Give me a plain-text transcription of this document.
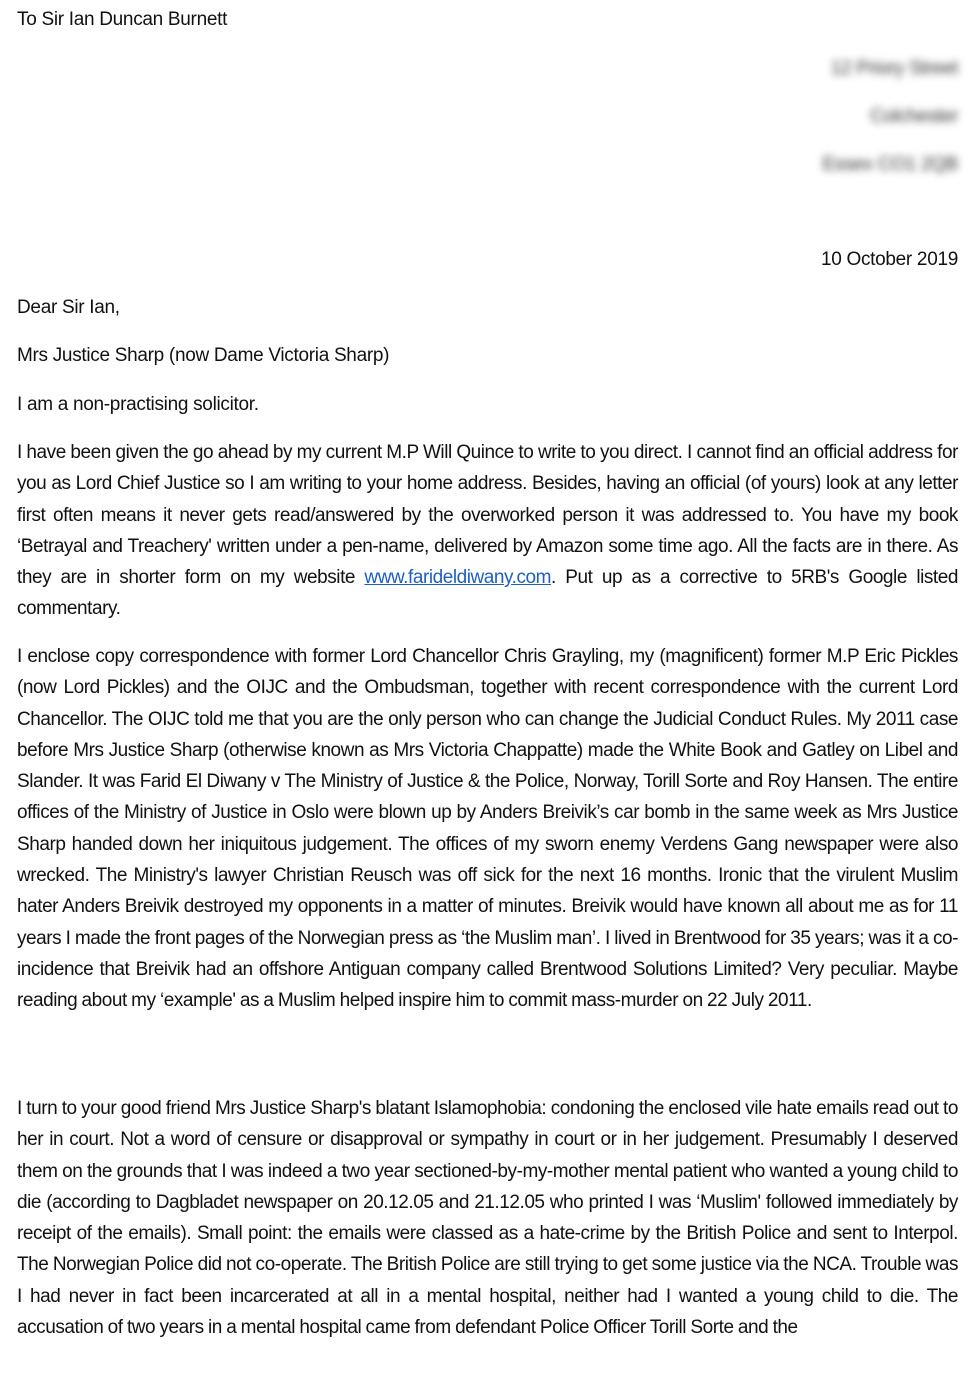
To Sir Ian Duncan Burnett
12 Priory Street
Colchester
Essex CO1 2QB
10 October 2019
Dear Sir Ian,
Mrs Justice Sharp (now Dame Victoria Sharp)
I am a non-practising solicitor.
I have been given the go ahead by my current M.P Will Quince to write to you direct. I cannot find an official address for you as Lord Chief Justice so I am writing to your home address. Besides, having an official (of yours) look at any letter first often means it never gets read/answered by the overworked person it was addressed to. You have my book ‘Betrayal and Treachery' written under a pen-name, delivered by Amazon some time ago. All the facts are in there. As they are in shorter form on my website www.farideldiwany.com. Put up as a corrective to 5RB's Google listed commentary.
I enclose copy correspondence with former Lord Chancellor Chris Grayling, my (magnificent) former M.P Eric Pickles (now Lord Pickles) and the OIJC and the Ombudsman, together with recent correspondence with the current Lord Chancellor. The OIJC told me that you are the only person who can change the Judicial Conduct Rules. My 2011 case before Mrs Justice Sharp (otherwise known as Mrs Victoria Chappatte) made the White Book and Gatley on Libel and Slander. It was Farid El Diwany v The Ministry of Justice & the Police, Norway, Torill Sorte and Roy Hansen. The entire offices of the Ministry of Justice in Oslo were blown up by Anders Breivik’s car bomb in the same week as Mrs Justice Sharp handed down her iniquitous judgement. The offices of my sworn enemy Verdens Gang newspaper were also wrecked. The Ministry's lawyer Christian Reusch was off sick for the next 16 months. Ironic that the virulent Muslim hater Anders Breivik destroyed my opponents in a matter of minutes. Breivik would have known all about me as for 11 years I made the front pages of the Norwegian press as ‘the Muslim man’. I lived in Brentwood for 35 years; was it a co-incidence that Breivik had an offshore Antiguan company called Brentwood Solutions Limited? Very peculiar. Maybe reading about my ‘example' as a Muslim helped inspire him to commit mass-murder on 22 July 2011.
I turn to your good friend Mrs Justice Sharp's blatant Islamophobia: condoning the enclosed vile hate emails read out to her in court. Not a word of censure or disapproval or sympathy in court or in her judgement. Presumably I deserved them on the grounds that I was indeed a two year sectioned-by-my-mother mental patient who wanted a young child to die (according to Dagbladet newspaper on 20.12.05 and 21.12.05 who printed I was ‘Muslim' followed immediately by receipt of the emails). Small point: the emails were classed as a hate-crime by the British Police and sent to Interpol. The Norwegian Police did not co-operate. The British Police are still trying to get some justice via the NCA. Trouble was I had never in fact been incarcerated at all in a mental hospital, neither had I wanted a young child to die. The accusation of two years in a mental hospital came from defendant Police Officer Torill Sorte and the
